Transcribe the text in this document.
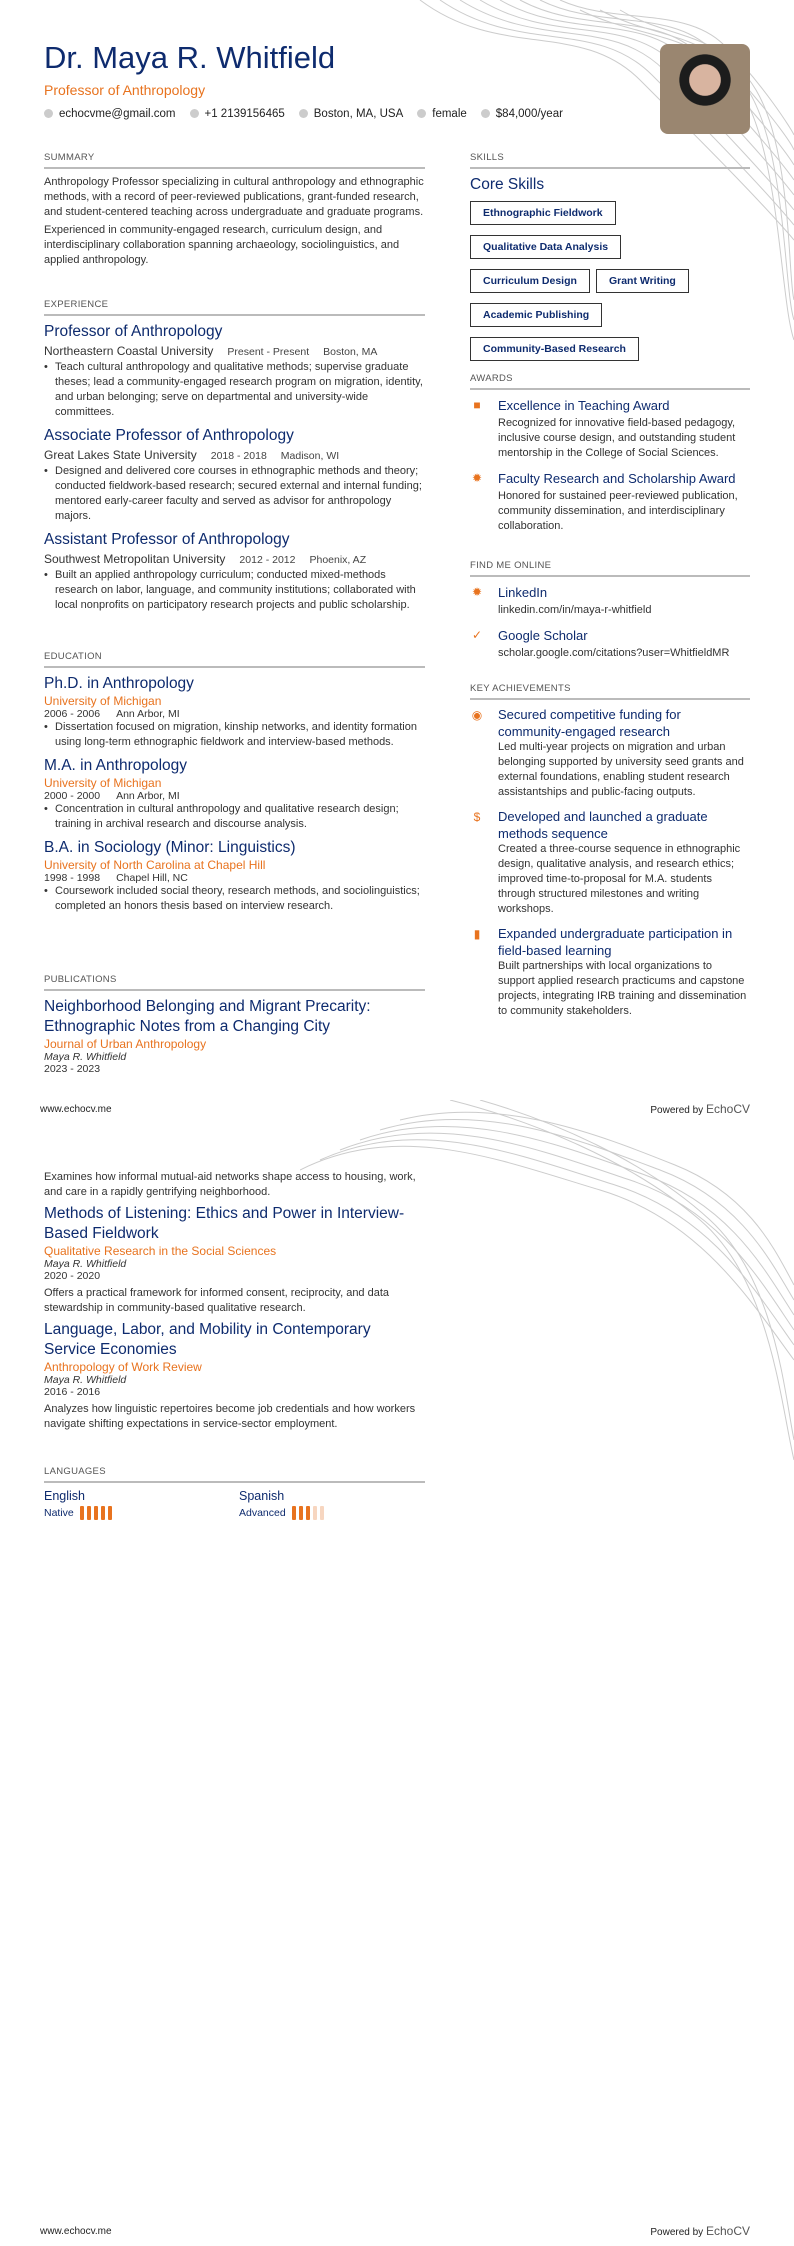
Dr. Maya R. Whitfield
Professor of Anthropology
echocvme@gmail.com	+1 2139156465	Boston, MA, USA	female	$84,000/year
SUMMARY

Anthropology Professor specializing in cultural anthropology and ethnographic methods, with a record of peer-reviewed publications, grant-funded research, and student-centered teaching across undergraduate and graduate programs.

Experienced in community-engaged research, curriculum design, and interdisciplinary collaboration spanning archaeology, sociolinguistics, and applied anthropology.

EXPERIENCE
Professor of Anthropology
Northeastern Coastal University Present - Present Boston, MA
• Teach cultural anthropology and qualitative methods; supervise graduate theses; lead a community-engaged research program on migration, identity, and urban belonging; serve on departmental and university-wide committees.
Associate Professor of Anthropology
Great Lakes State University 2018 - 2018 Madison, WI
• Designed and delivered core courses in ethnographic methods and theory; conducted fieldwork-based research; secured external and internal funding; mentored early-career faculty and served as advisor for anthropology majors.
Assistant Professor of Anthropology
Southwest Metropolitan University 2012 - 2012 Phoenix, AZ
• Built an applied anthropology curriculum; conducted mixed-methods research on labor, language, and community institutions; collaborated with local nonprofits on participatory research projects and public scholarship.
EDUCATION
Ph.D. in Anthropology
University of Michigan
2006 - 2006 Ann Arbor, MI
• Dissertation focused on migration, kinship networks, and identity formation using long-term ethnographic fieldwork and interview-based methods.
M.A. in Anthropology
University of Michigan
2000 - 2000 Ann Arbor, MI
• Concentration in cultural anthropology and qualitative research design; training in archival research and discourse analysis.
B.A. in Sociology (Minor: Linguistics)
University of North Carolina at Chapel Hill
1998 - 1998 Chapel Hill, NC
• Coursework included social theory, research methods, and sociolinguistics; completed an honors thesis based on interview research.
PUBLICATIONS
Neighborhood Belonging and Migrant Precarity: Ethnographic Notes from a Changing City
Journal of Urban Anthropology
Maya R. Whitfield
2023 - 2023
SKILLS
Core Skills
Ethnographic Fieldwork
Qualitative Data Analysis
Curriculum Design	Grant Writing
Academic Publishing
Community-Based Research
AWARDS
■ Excellence in Teaching Award
Recognized for innovative field-based pedagogy, inclusive course design, and outstanding student mentorship in the College of Social Sciences.
✹ Faculty Research and Scholarship Award
Honored for sustained peer-reviewed publication, community dissemination, and interdisciplinary collaboration.
FIND ME ONLINE
✹ LinkedIn
linkedin.com/in/maya-r-whitfield
✓ Google Scholar
scholar.google.com/citations?user=WhitfieldMR
KEY ACHIEVEMENTS
◉ Secured competitive funding for community-engaged research
Led multi-year projects on migration and urban belonging supported by university seed grants and external foundations, enabling student research assistantships and public-facing outputs.
$ Developed and launched a graduate methods sequence
Created a three-course sequence in ethnographic design, qualitative analysis, and research ethics; improved time-to-proposal for M.A. students through structured milestones and writing workshops.
▮ Expanded undergraduate participation in field-based learning
Built partnerships with local organizations to support applied research practicums and capstone projects, integrating IRB training and dissemination to community stakeholders.
www.echocv.me	Powered by EchoCV

Examines how informal mutual-aid networks shape access to housing, work, and care in a rapidly gentrifying neighborhood.

Methods of Listening: Ethics and Power in Interview-Based Fieldwork
Qualitative Research in the Social Sciences
Maya R. Whitfield
2020 - 2020

Offers a practical framework for informed consent, reciprocity, and data stewardship in community-based qualitative research.

Language, Labor, and Mobility in Contemporary Service Economies
Anthropology of Work Review
Maya R. Whitfield
2016 - 2016

Analyzes how linguistic repertoires become job credentials and how workers navigate shifting expectations in service-sector employment.

LANGUAGES
English
Native
Spanish
Advanced
www.echocv.me	Powered by EchoCV
